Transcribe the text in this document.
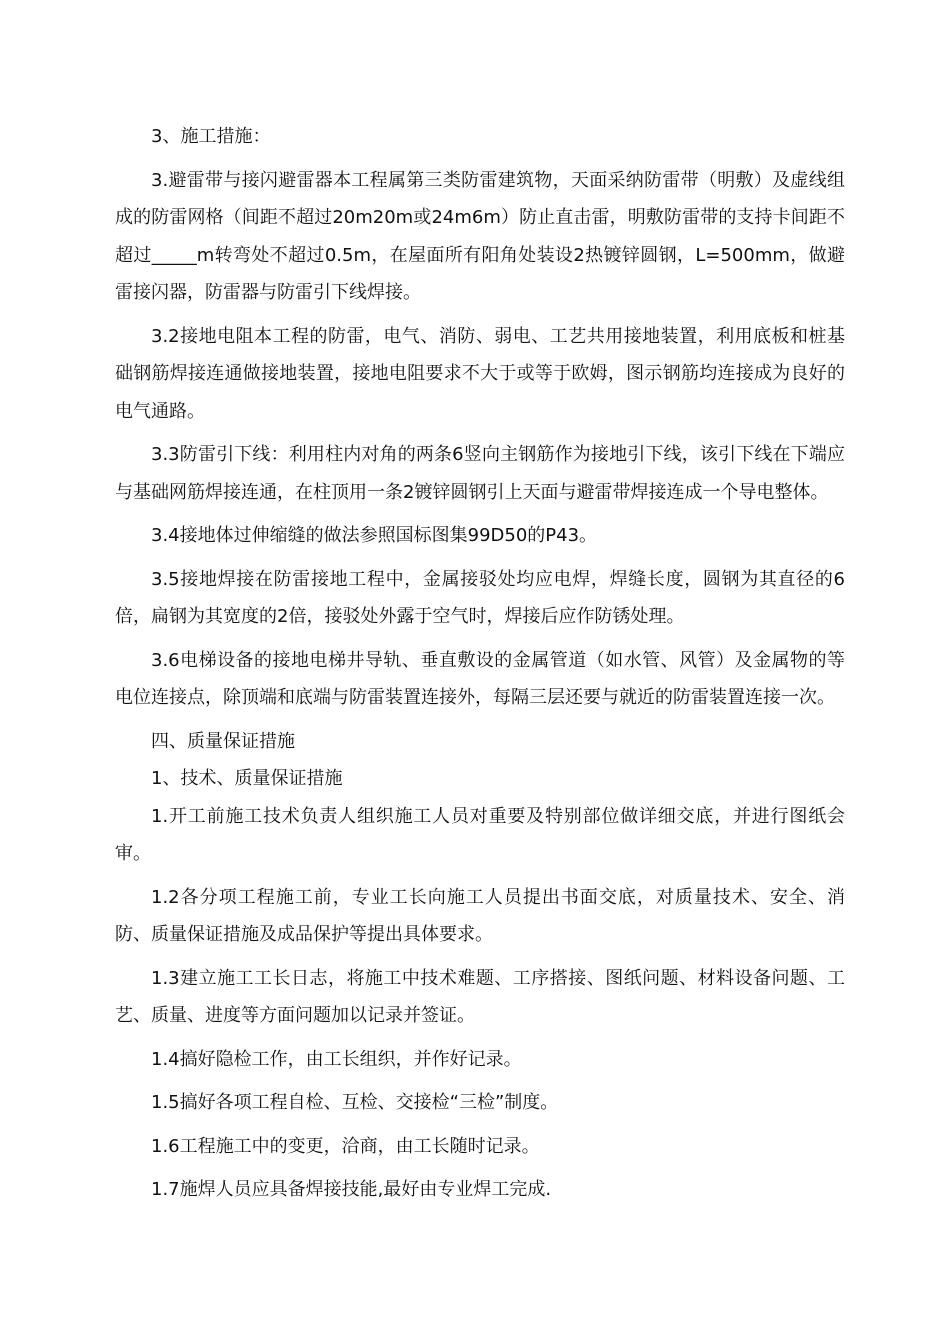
3、施工措施：

3.避雷带与接闪避雷器本工程属第三类防雷建筑物，天面采纳防雷带（明敷）及虚线组成的防雷网格（间距不超过20m20m或24m6m）防止直击雷，明敷防雷带的支持卡间距不超过_____m转弯处不超过0.5m，在屋面所有阳角处装设2热镀锌圆钢，L=500mm，做避雷接闪器，防雷器与防雷引下线焊接。

3.2接地电阻本工程的防雷，电气、消防、弱电、工艺共用接地装置，利用底板和桩基础钢筋焊接连通做接地装置，接地电阻要求不大于或等于欧姆，图示钢筋均连接成为良好的电气通路。

3.3防雷引下线：利用柱内对角的两条6竖向主钢筋作为接地引下线，该引下线在下端应与基础网筋焊接连通，在柱顶用一条2镀锌圆钢引上天面与避雷带焊接连成一个导电整体。

3.4接地体过伸缩缝的做法参照国标图集99D50的P43。

3.5接地焊接在防雷接地工程中，金属接驳处均应电焊，焊缝长度，圆钢为其直径的6倍，扁钢为其宽度的2倍，接驳处外露于空气时，焊接后应作防锈处理。

3.6电梯设备的接地电梯井导轨、垂直敷设的金属管道（如水管、风管）及金属物的等电位连接点，除顶端和底端与防雷装置连接外，每隔三层还要与就近的防雷装置连接一次。

四、质量保证措施

1、技术、质量保证措施

1.开工前施工技术负责人组织施工人员对重要及特别部位做详细交底，并进行图纸会审。

1.2各分项工程施工前，专业工长向施工人员提出书面交底，对质量技术、安全、消防、质量保证措施及成品保护等提出具体要求。

1.3建立施工工长日志，将施工中技术难题、工序搭接、图纸问题、材料设备问题、工艺、质量、进度等方面问题加以记录并签证。

1.4搞好隐检工作，由工长组织，并作好记录。

1.5搞好各项工程自检、互检、交接检“三检”制度。

1.6工程施工中的变更，洽商，由工长随时记录。

1.7施焊人员应具备焊接技能,最好由专业焊工完成.
